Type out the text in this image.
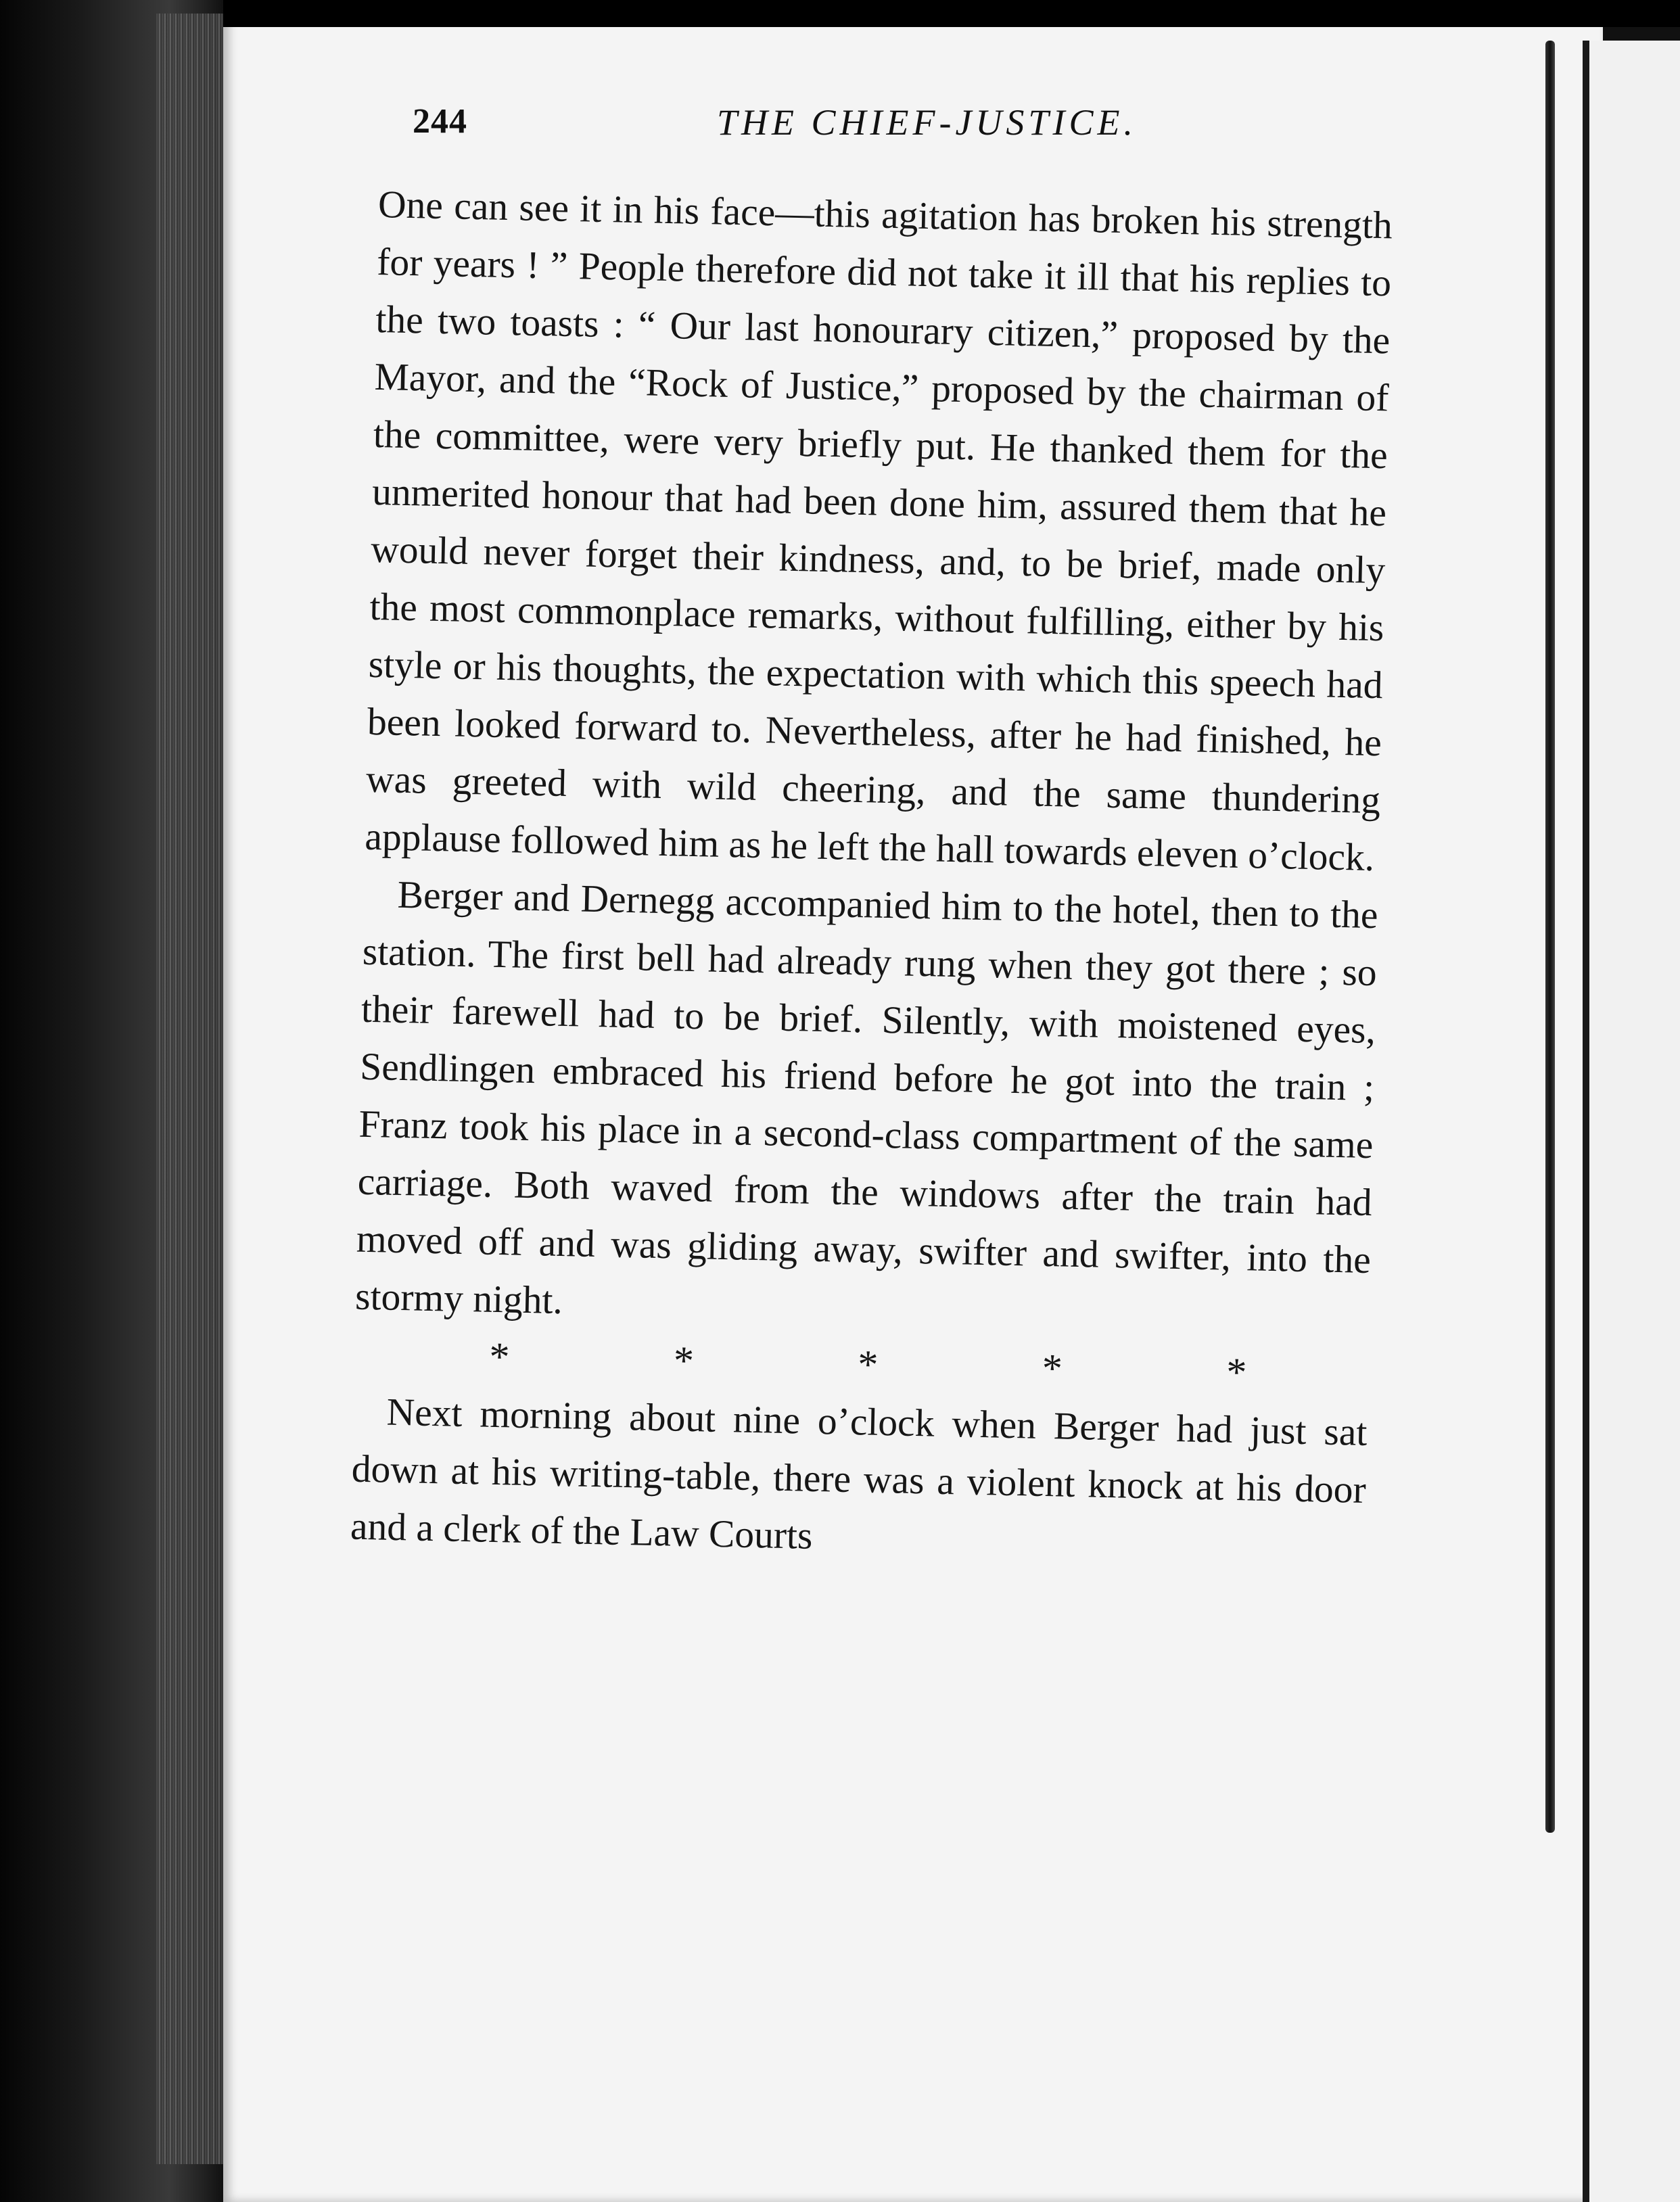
244	THE CHIEF-JUSTICE.

One can see it in his face—this agitation has broken his strength for years ! ” People therefore did not take it ill that his replies to the two toasts : “ Our last honourary citizen,” proposed by the Mayor, and the “Rock of Justice,” proposed by the chairman of the committee, were very briefly put. He thanked them for the unmerited honour that had been done him, assured them that he would never forget their kindness, and, to be brief, made only the most commonplace remarks, without fulfilling, either by his style or his thoughts, the expectation with which this speech had been looked forward to. Nevertheless, after he had finished, he was greeted with wild cheering, and the same thundering applause followed him as he left the hall towards eleven o’clock.

Berger and Dernegg accompanied him to the hotel, then to the station. The first bell had already rung when they got there ; so their farewell had to be brief. Silently, with moistened eyes, Sendlingen embraced his friend before he got into the train ; Franz took his place in a second-class compartment of the same carriage. Both waved from the windows after the train had moved off and was gliding away, swifter and swifter, into the stormy night.

*	*	*	*	*

Next morning about nine o’clock when Berger had just sat down at his writing-table, there was a violent knock at his door and a clerk of the Law Courts
